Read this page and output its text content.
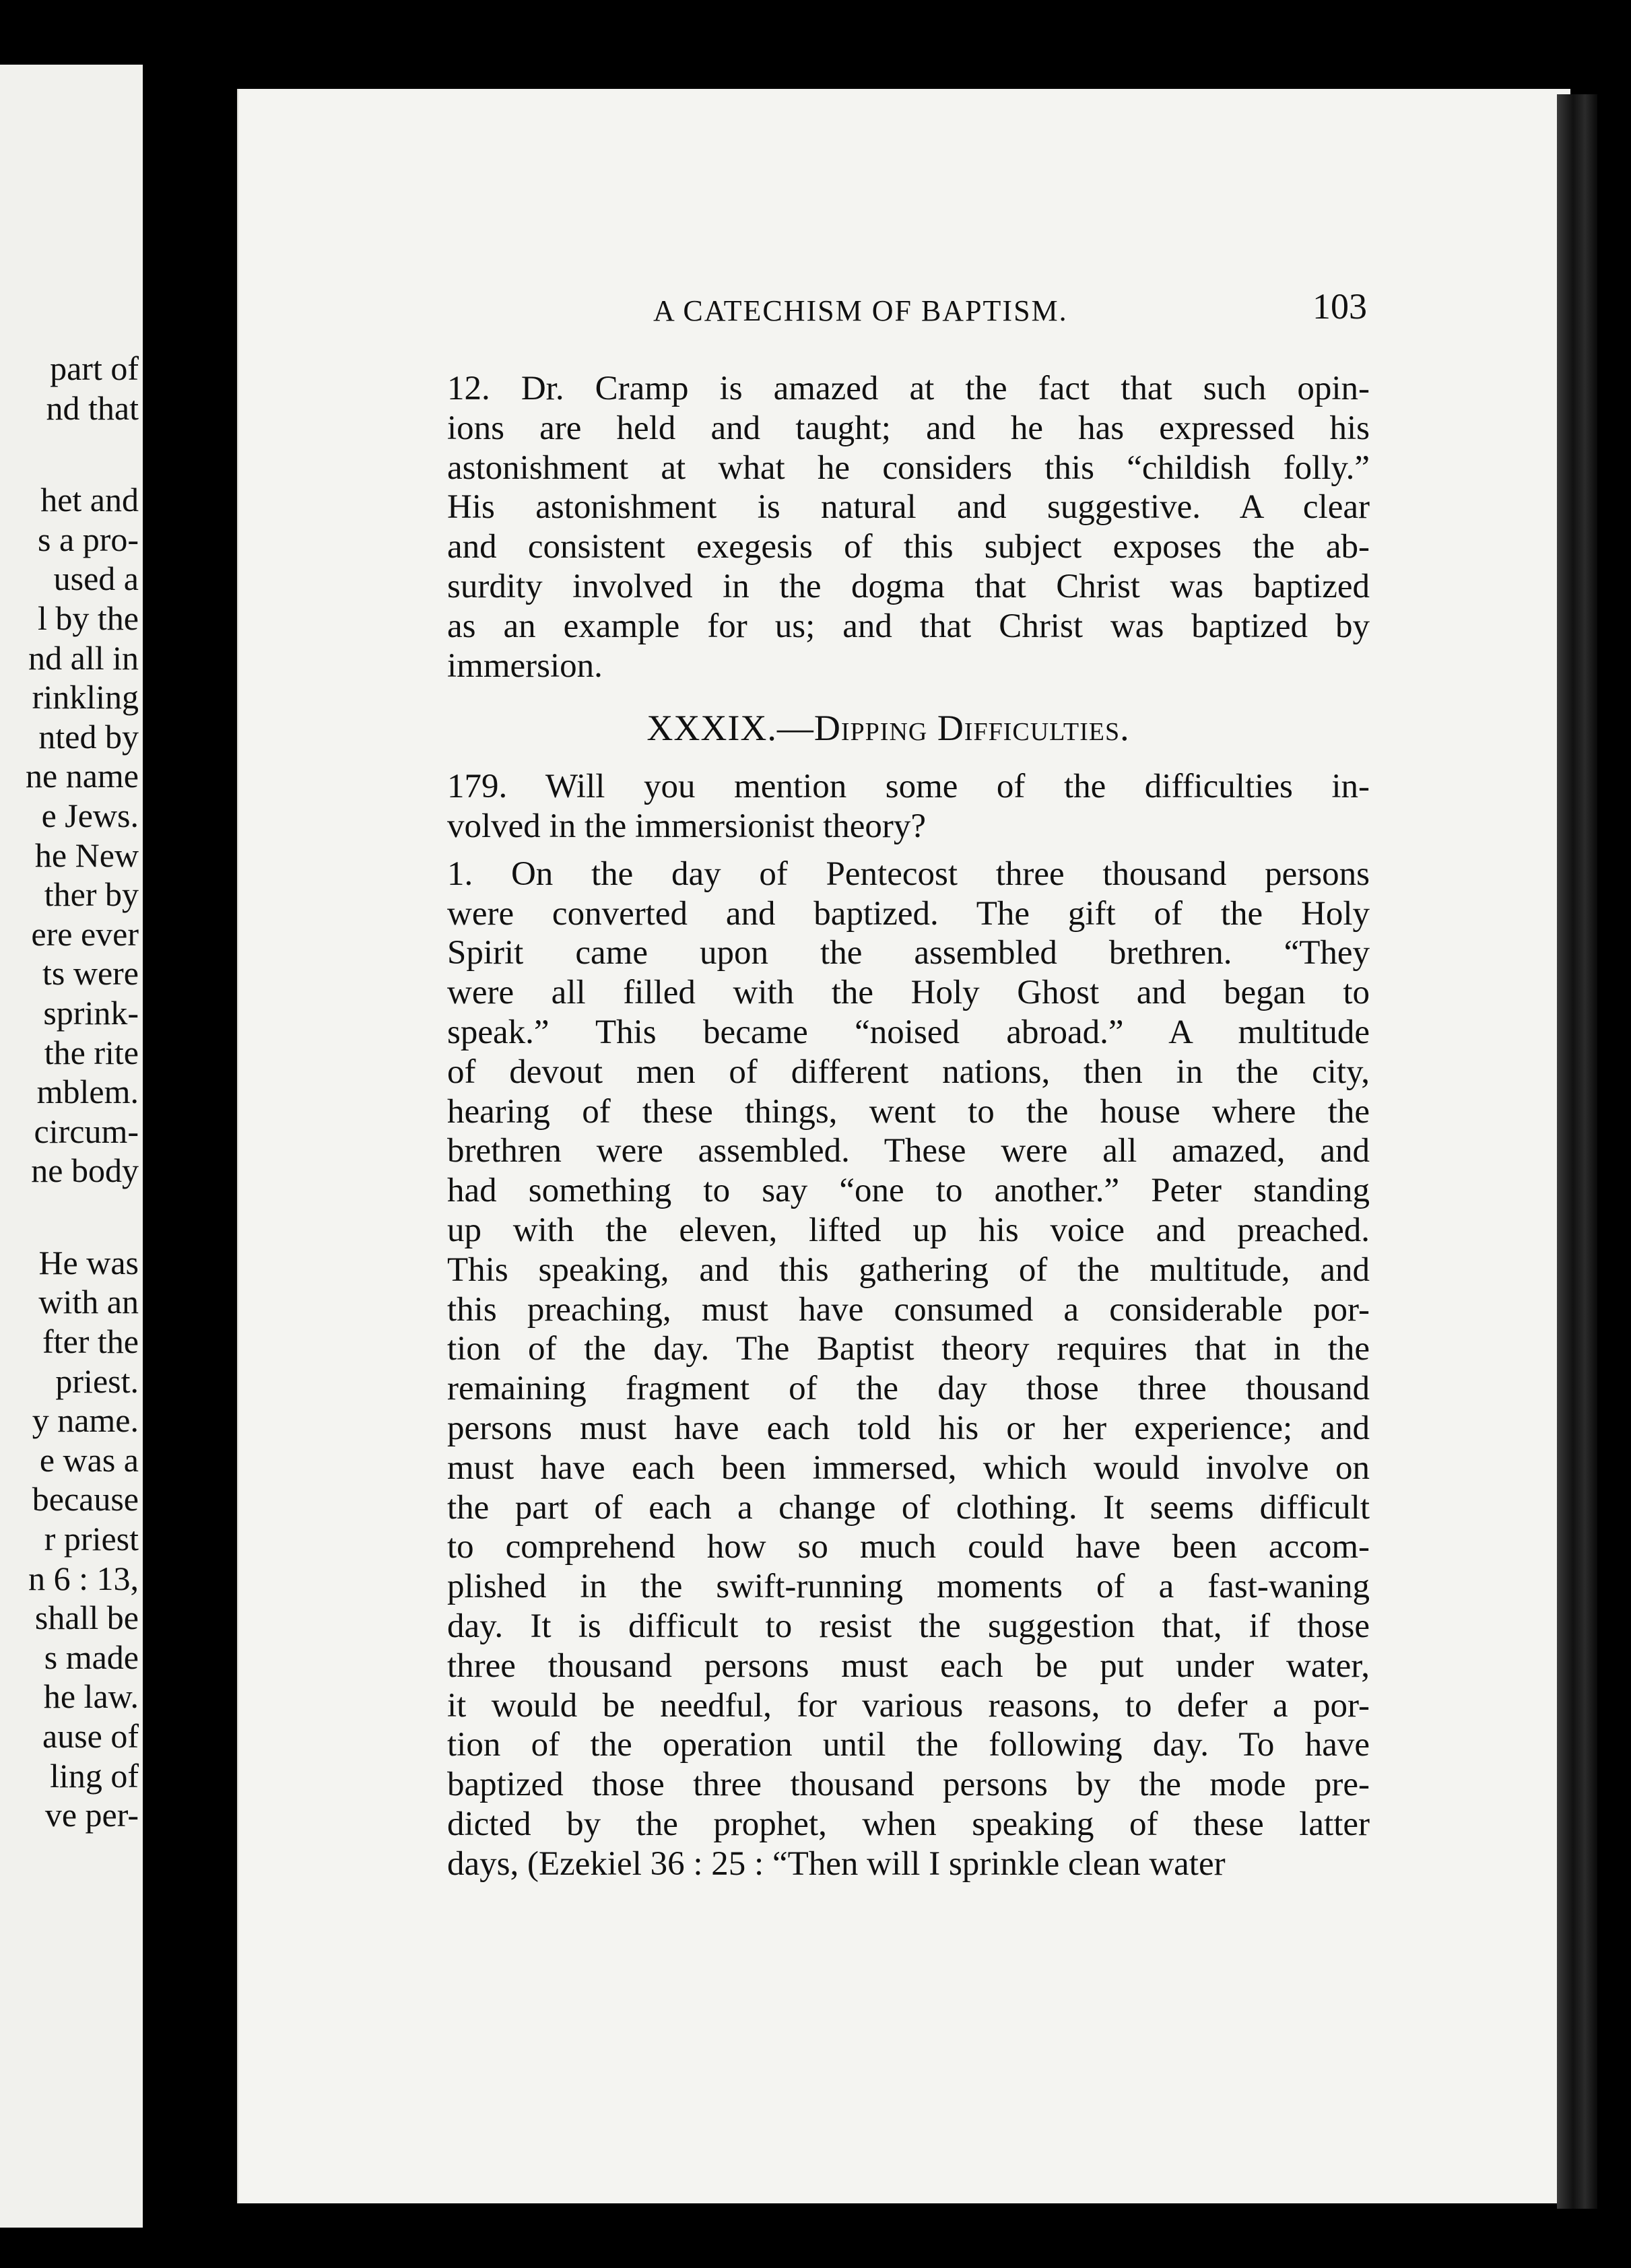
part of
nd that
het and
s a pro-
used a
l by the
nd all in
rinkling
nted by
ne name
e Jews.
he New
ther by
ere ever
ts were
sprink-
the rite
mblem.
circum-
ne body
He was
with an
fter the
priest.
y name.
e was a
because
r priest
n 6 : 13,
shall be
s made
he law.
ause of
ling of
ve per-
A CATECHISM OF BAPTISM.	103

12. Dr. Cramp is amazed at the fact that such opin-
ions are held and taught; and he has expressed his
astonishment at what he considers this “childish folly.”
His astonishment is natural and suggestive. A clear
and consistent exegesis of this subject exposes the ab-
surdity involved in the dogma that Christ was baptized
as an example for us; and that Christ was baptized by
immersion.

XXXIX.—Dipping Difficulties.

179. Will you mention some of the difficulties in-
volved in the immersionist theory?

1. On the day of Pentecost three thousand persons
were converted and baptized. The gift of the Holy
Spirit came upon the assembled brethren. “They
were all filled with the Holy Ghost and began to
speak.” This became “noised abroad.” A multitude
of devout men of different nations, then in the city,
hearing of these things, went to the house where the
brethren were assembled. These were all amazed, and
had something to say “one to another.” Peter standing
up with the eleven, lifted up his voice and preached.
This speaking, and this gathering of the multitude, and
this preaching, must have consumed a considerable por-
tion of the day. The Baptist theory requires that in the
remaining fragment of the day those three thousand
persons must have each told his or her experience; and
must have each been immersed, which would involve on
the part of each a change of clothing. It seems difficult
to comprehend how so much could have been accom-
plished in the swift-running moments of a fast-waning
day. It is difficult to resist the suggestion that, if those
three thousand persons must each be put under water,
it would be needful, for various reasons, to defer a por-
tion of the operation until the following day. To have
baptized those three thousand persons by the mode pre-
dicted by the prophet, when speaking of these latter
days, (Ezekiel 36 : 25 : “Then will I sprinkle clean water
